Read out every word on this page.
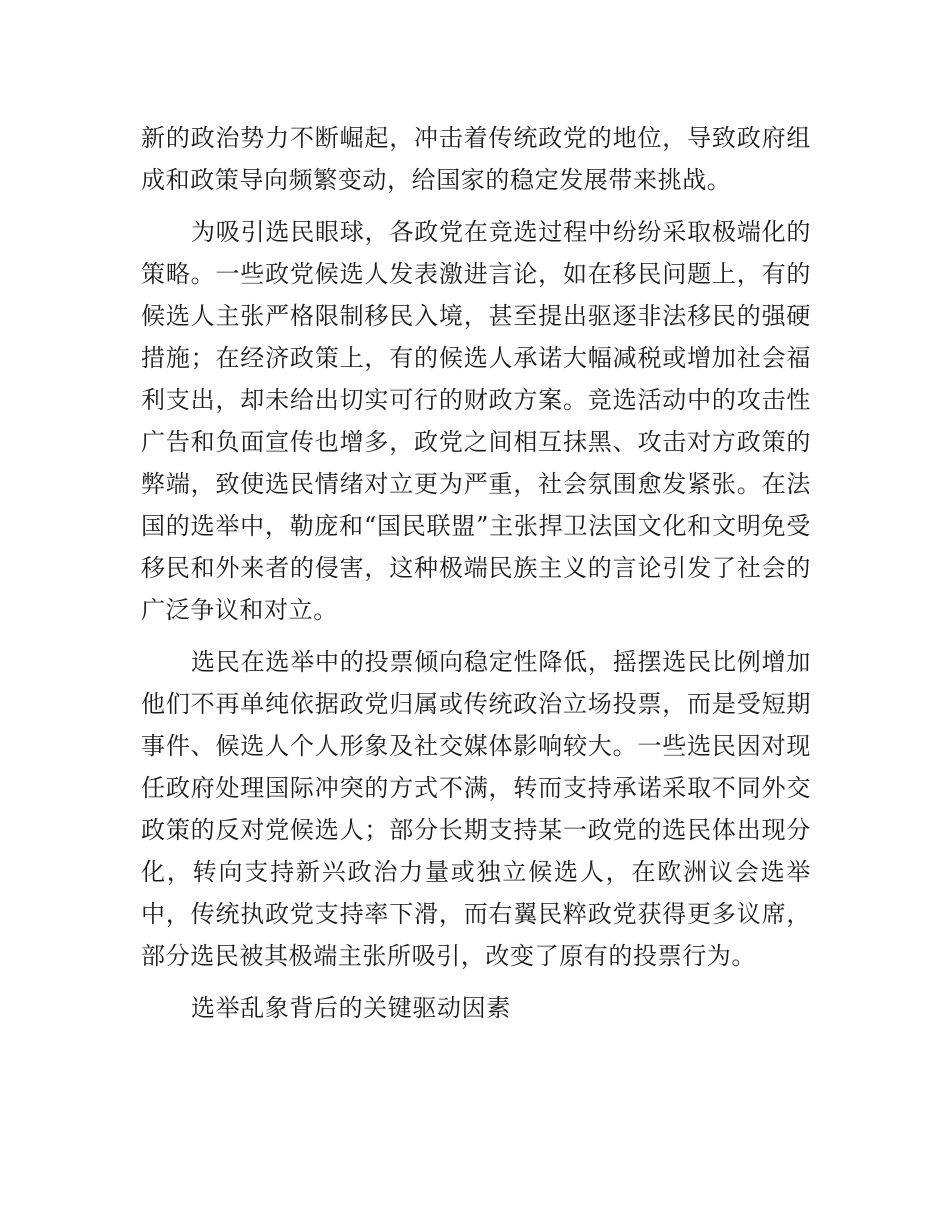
新的政治势力不断崛起，冲击着传统政党的地位，导致政府组成和政策导向频繁变动，给国家的稳定发展带来挑战。

为吸引选民眼球，各政党在竞选过程中纷纷采取极端化的策略。一些政党候选人发表激进言论，如在移民问题上，有的候选人主张严格限制移民入境，甚至提出驱逐非法移民的强硬措施；在经济政策上，有的候选人承诺大幅减税或增加社会福利支出，却未给出切实可行的财政方案。竞选活动中的攻击性广告和负面宣传也增多，政党之间相互抹黑、攻击对方政策的弊端，致使选民情绪对立更为严重，社会氛围愈发紧张。在法国的选举中，勒庞和“国民联盟”主张捍卫法国文化和文明免受移民和外来者的侵害，这种极端民族主义的言论引发了社会的广泛争议和对立。

选民在选举中的投票倾向稳定性降低，摇摆选民比例增加他们不再单纯依据政党归属或传统政治立场投票，而是受短期事件、候选人个人形象及社交媒体影响较大。一些选民因对现任政府处理国际冲突的方式不满，转而支持承诺采取不同外交政策的反对党候选人；部分长期支持某一政党的选民体出现分化，转向支持新兴政治力量或独立候选人，在欧洲议会选举中，传统执政党支持率下滑，而右翼民粹政党获得更多议席，部分选民被其极端主张所吸引，改变了原有的投票行为。

选举乱象背后的关键驱动因素
